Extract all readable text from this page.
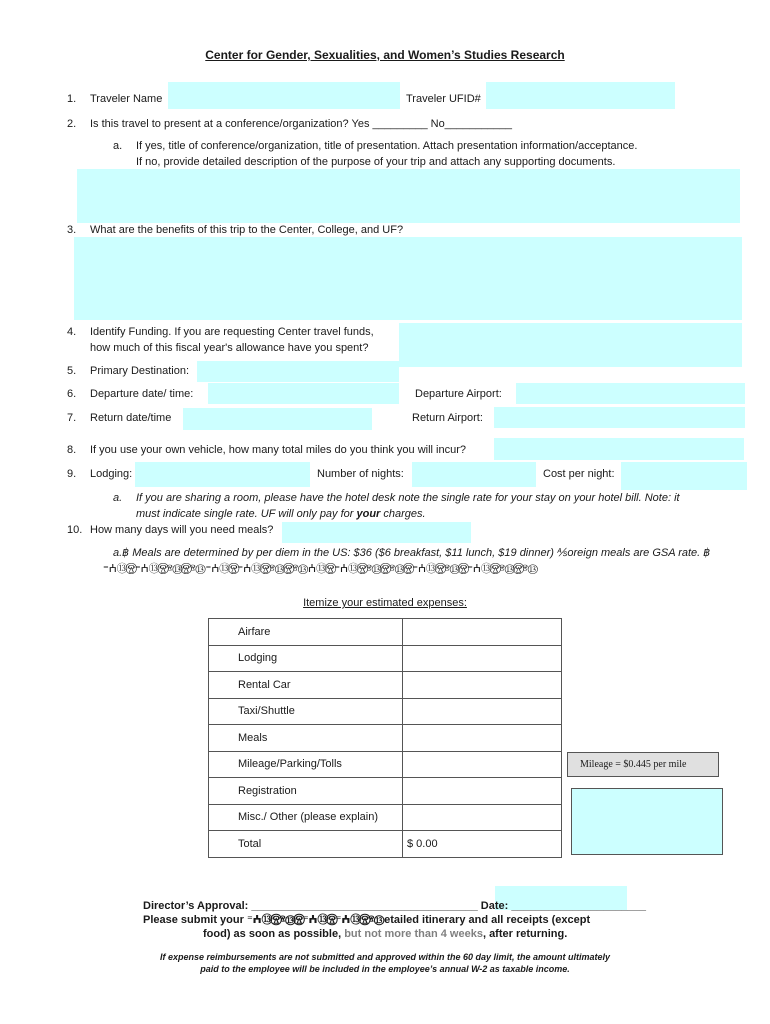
Center for Gender, Sexualities, and Women’s Studies Research
1. Traveler Name	Traveler UFID#
2. Is this travel to present at a conference/organization? Yes _________ No___________
a. If yes, title of conference/organization, title of presentation. Attach presentation information/acceptance.
If no, provide detailed description of the purpose of your trip and attach any supporting documents.
3. What are the benefits of this trip to the Center, College, and UF?
4. Identify Funding. If you are requesting Center travel funds,
how much of this fiscal year's allowance have you spent?
5. Primary Destination:
6. Departure date/ time:	Departure Airport:
7. Return date/time	Return Airport:
8. If you use your own vehicle, how many total miles do you think you will incur?
9. Lodging:	Number of nights:	Cost per night:
a. If you are sharing a room, please have the hotel desk note the single rate for your stay on your hotel bill. Note: it
must indicate single rate. UF will only pay for your charges.
10. How many days will you need meals?
a.฿ Meals are determined by per diem in the US: $36 ($6 breakfast, $11 lunch, $19 dinner) ⅍oreign meals are GSA rate. ฿
⁼ⵄ⑬Ⱄ⃝⁼ⵄ⑬Ⱄ⃝ⱄ⑬Ⱄ⃝ⱄ⑬⁼ⵄ⑬Ⱄ⃝⁼ⵄ⑬Ⱄ⃝ⱄ⑬Ⱄ⃝ⱄ⑬ⵄ⑬Ⱄ⃝⁼ⵄ⑬Ⱄ⃝ⱄ⑬Ⱄ⃝ⱄ⑬Ⱄ⃝⁼ⵄ⑬Ⱄ⃝ⱄ⑬Ⱄ⃝⁼ⵄ⑬Ⱄ⃝ⱄ⑬Ⱄ⃝ⱄ⑬
Itemize your estimated expenses:
Airfare	
Lodging	
Rental Car	
Taxi/Shuttle	
Meals	
Mileage/Parking/Tolls	
Registration	
Misc./ Other (please explain)	
Total	$ 0.00
Mileage = $0.445 per mile
Director’s Approval: _____________________________________ Date: ______________________
Please submit your ⁼ⵄ⑬Ⱄ⃝ⱄ⑬Ⱄ⃝⁼ⵄ⑬Ⱄ⃝⁼ⵄ⑬Ⱄ⃝ⱄ⑬etailed itinerary and all receipts (except
food) as soon as possible, but not more than 4 weeks, after returning.
If expense reimbursements are not submitted and approved within the 60 day limit, the amount ultimately
paid to the employee will be included in the employee’s annual W-2 as taxable income.
